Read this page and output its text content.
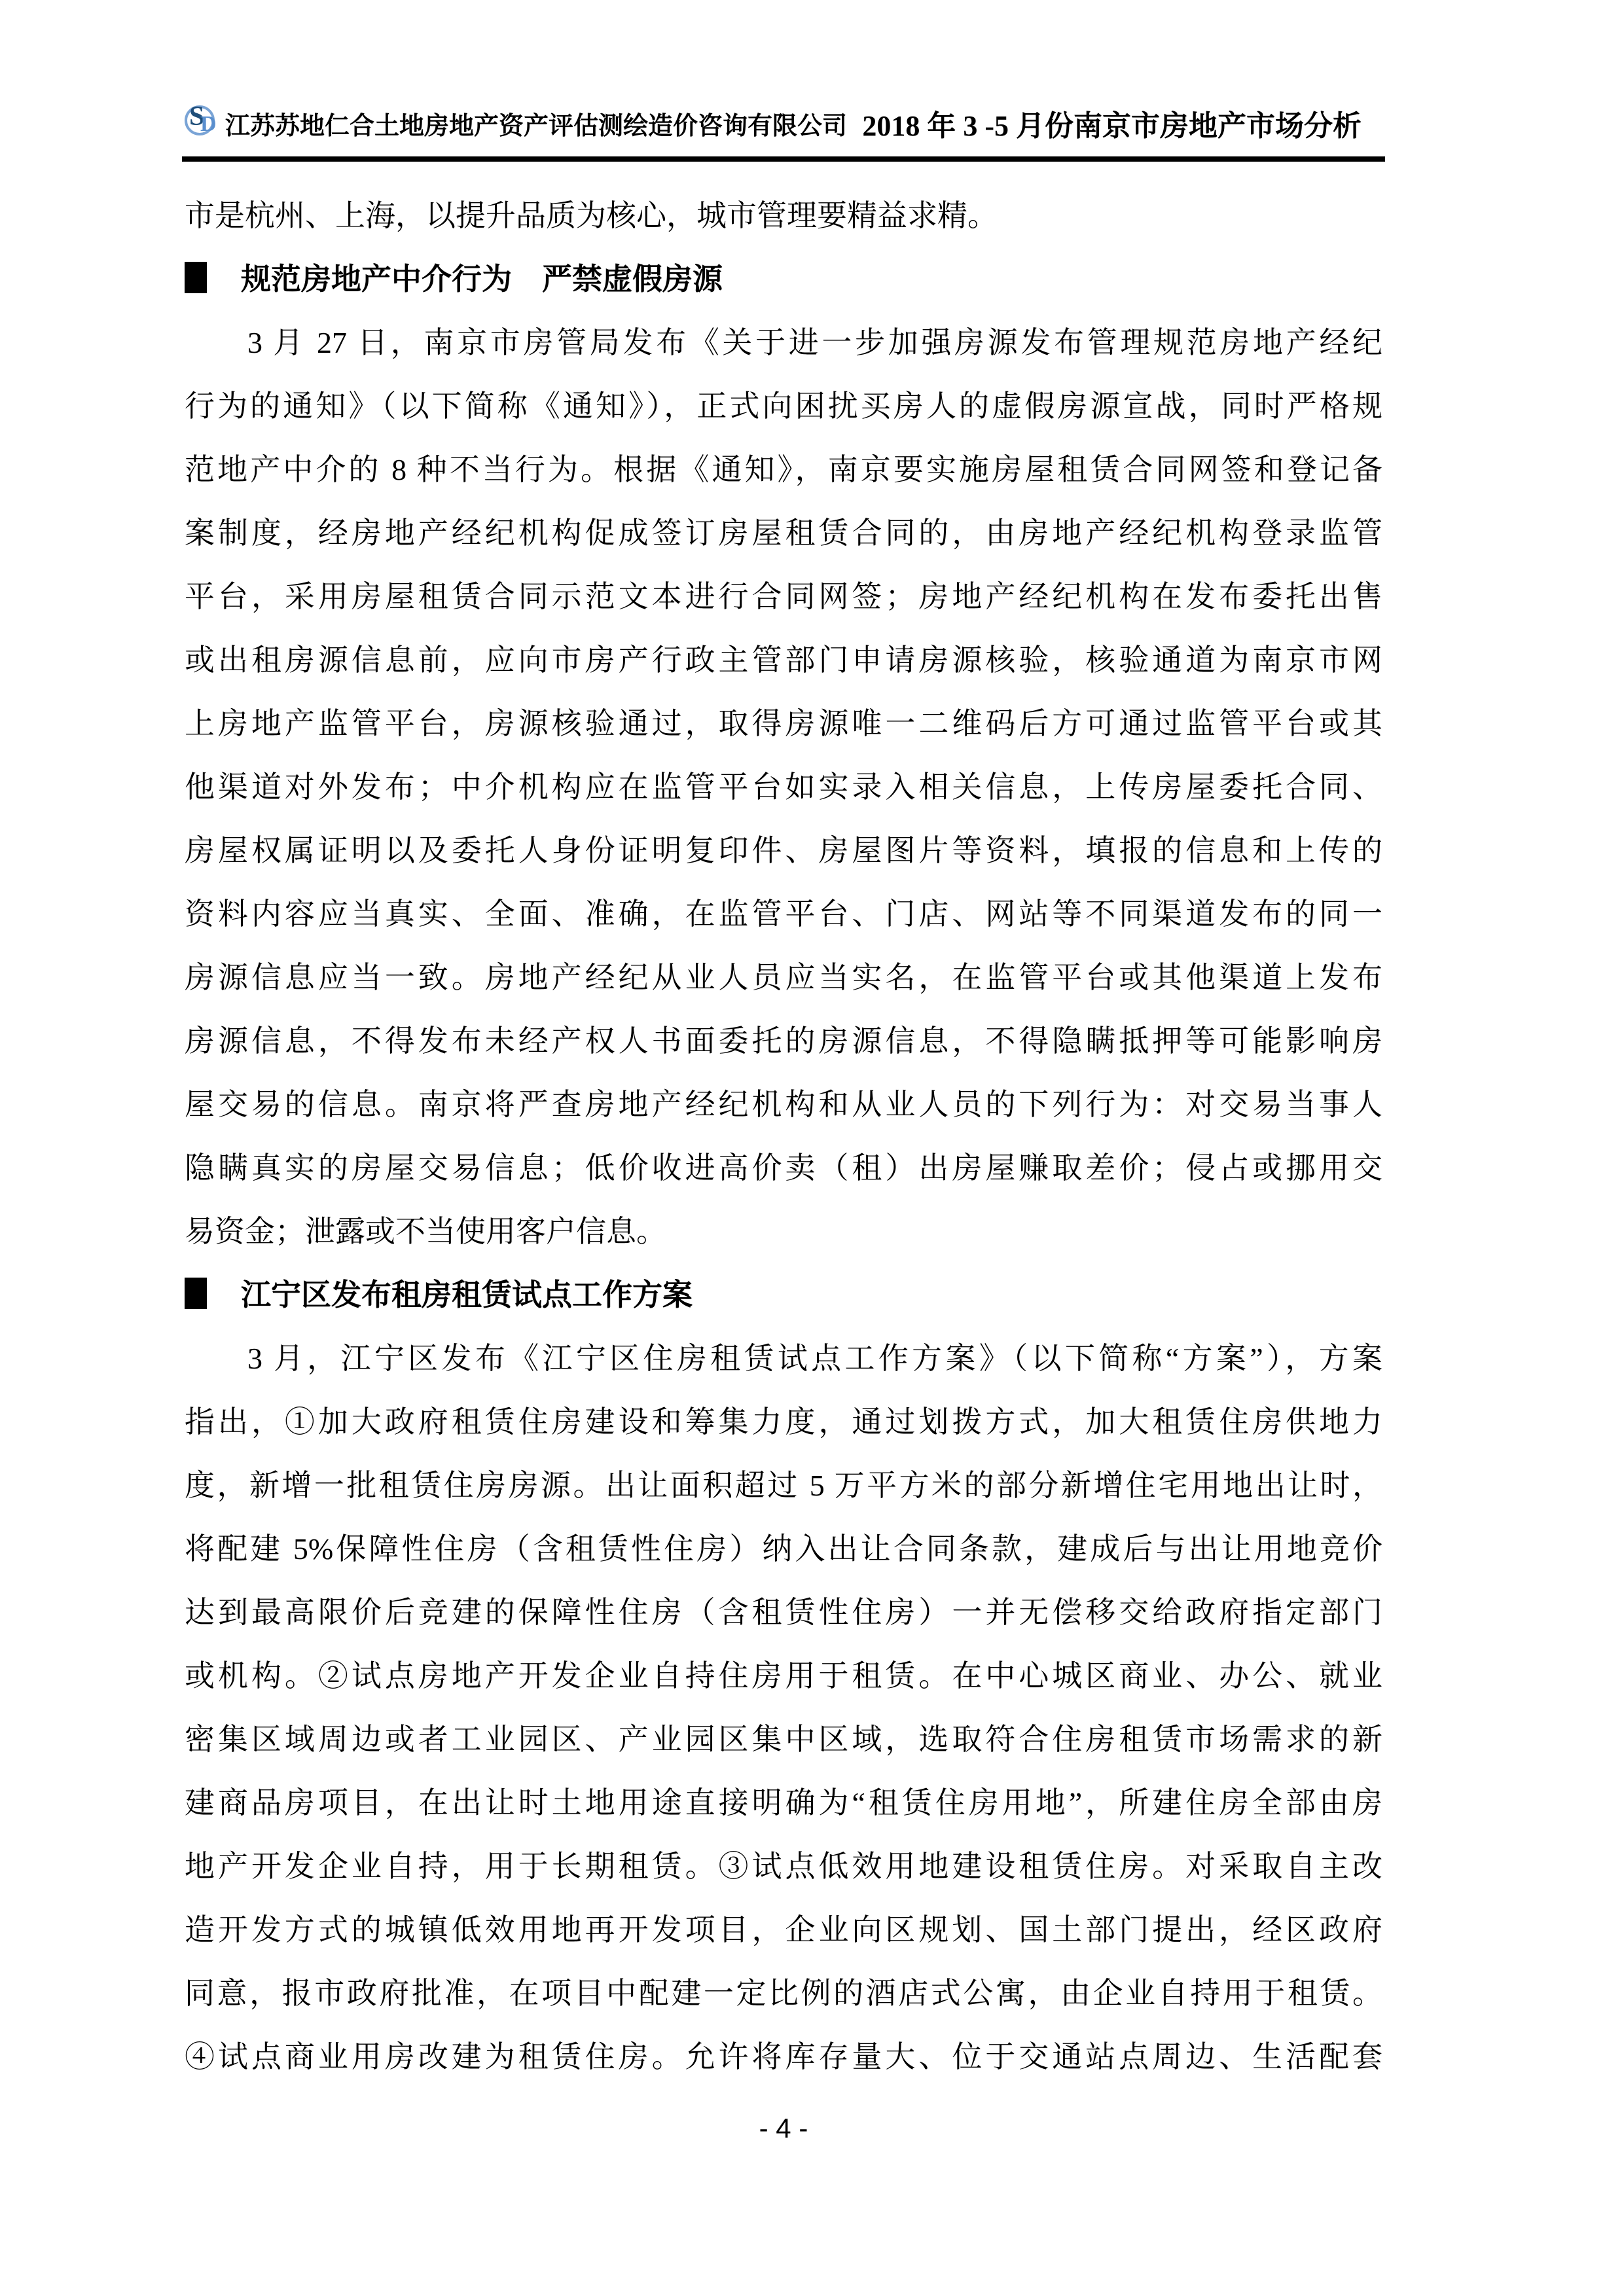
S
D 江苏苏地仁合土地房地产资产评估测绘造价咨询有限公司 2018 年 3 -5 月份南京市房地产市场分析
市是杭州、上海，以提升品质为核心，城市管理要精益求精。
规范房地产中介行为　严禁虚假房源
3 月 27 日，南京市房管局发布《关于进一步加强房源发布管理规范房地产经纪
行为的通知》（以下简称《通知》），正式向困扰买房人的虚假房源宣战，同时严格规
范地产中介的 8 种不当行为。根据《通知》，南京要实施房屋租赁合同网签和登记备
案制度，经房地产经纪机构促成签订房屋租赁合同的，由房地产经纪机构登录监管
平台，采用房屋租赁合同示范文本进行合同网签；房地产经纪机构在发布委托出售
或出租房源信息前，应向市房产行政主管部门申请房源核验，核验通道为南京市网
上房地产监管平台，房源核验通过，取得房源唯一二维码后方可通过监管平台或其
他渠道对外发布；中介机构应在监管平台如实录入相关信息，上传房屋委托合同、
房屋权属证明以及委托人身份证明复印件、房屋图片等资料，填报的信息和上传的
资料内容应当真实、全面、准确，在监管平台、门店、网站等不同渠道发布的同一
房源信息应当一致。房地产经纪从业人员应当实名，在监管平台或其他渠道上发布
房源信息，不得发布未经产权人书面委托的房源信息，不得隐瞒抵押等可能影响房
屋交易的信息。南京将严查房地产经纪机构和从业人员的下列行为：对交易当事人
隐瞒真实的房屋交易信息；低价收进高价卖（租）出房屋赚取差价；侵占或挪用交
易资金；泄露或不当使用客户信息。
江宁区发布租房租赁试点工作方案
3 月，江宁区发布《江宁区住房租赁试点工作方案》（以下简称“方案”），方案
指出，①加大政府租赁住房建设和筹集力度，通过划拨方式，加大租赁住房供地力
度，新增一批租赁住房房源。出让面积超过 5 万平方米的部分新增住宅用地出让时，
将配建 5%保障性住房（含租赁性住房）纳入出让合同条款，建成后与出让用地竞价
达到最高限价后竞建的保障性住房（含租赁性住房）一并无偿移交给政府指定部门
或机构。②试点房地产开发企业自持住房用于租赁。在中心城区商业、办公、就业
密集区域周边或者工业园区、产业园区集中区域，选取符合住房租赁市场需求的新
建商品房项目，在出让时土地用途直接明确为“租赁住房用地”，所建住房全部由房
地产开发企业自持，用于长期租赁。③试点低效用地建设租赁住房。对采取自主改
造开发方式的城镇低效用地再开发项目，企业向区规划、国土部门提出，经区政府
同意，报市政府批准，在项目中配建一定比例的酒店式公寓，由企业自持用于租赁。
④试点商业用房改建为租赁住房。允许将库存量大、位于交通站点周边、生活配套
- 4 -
